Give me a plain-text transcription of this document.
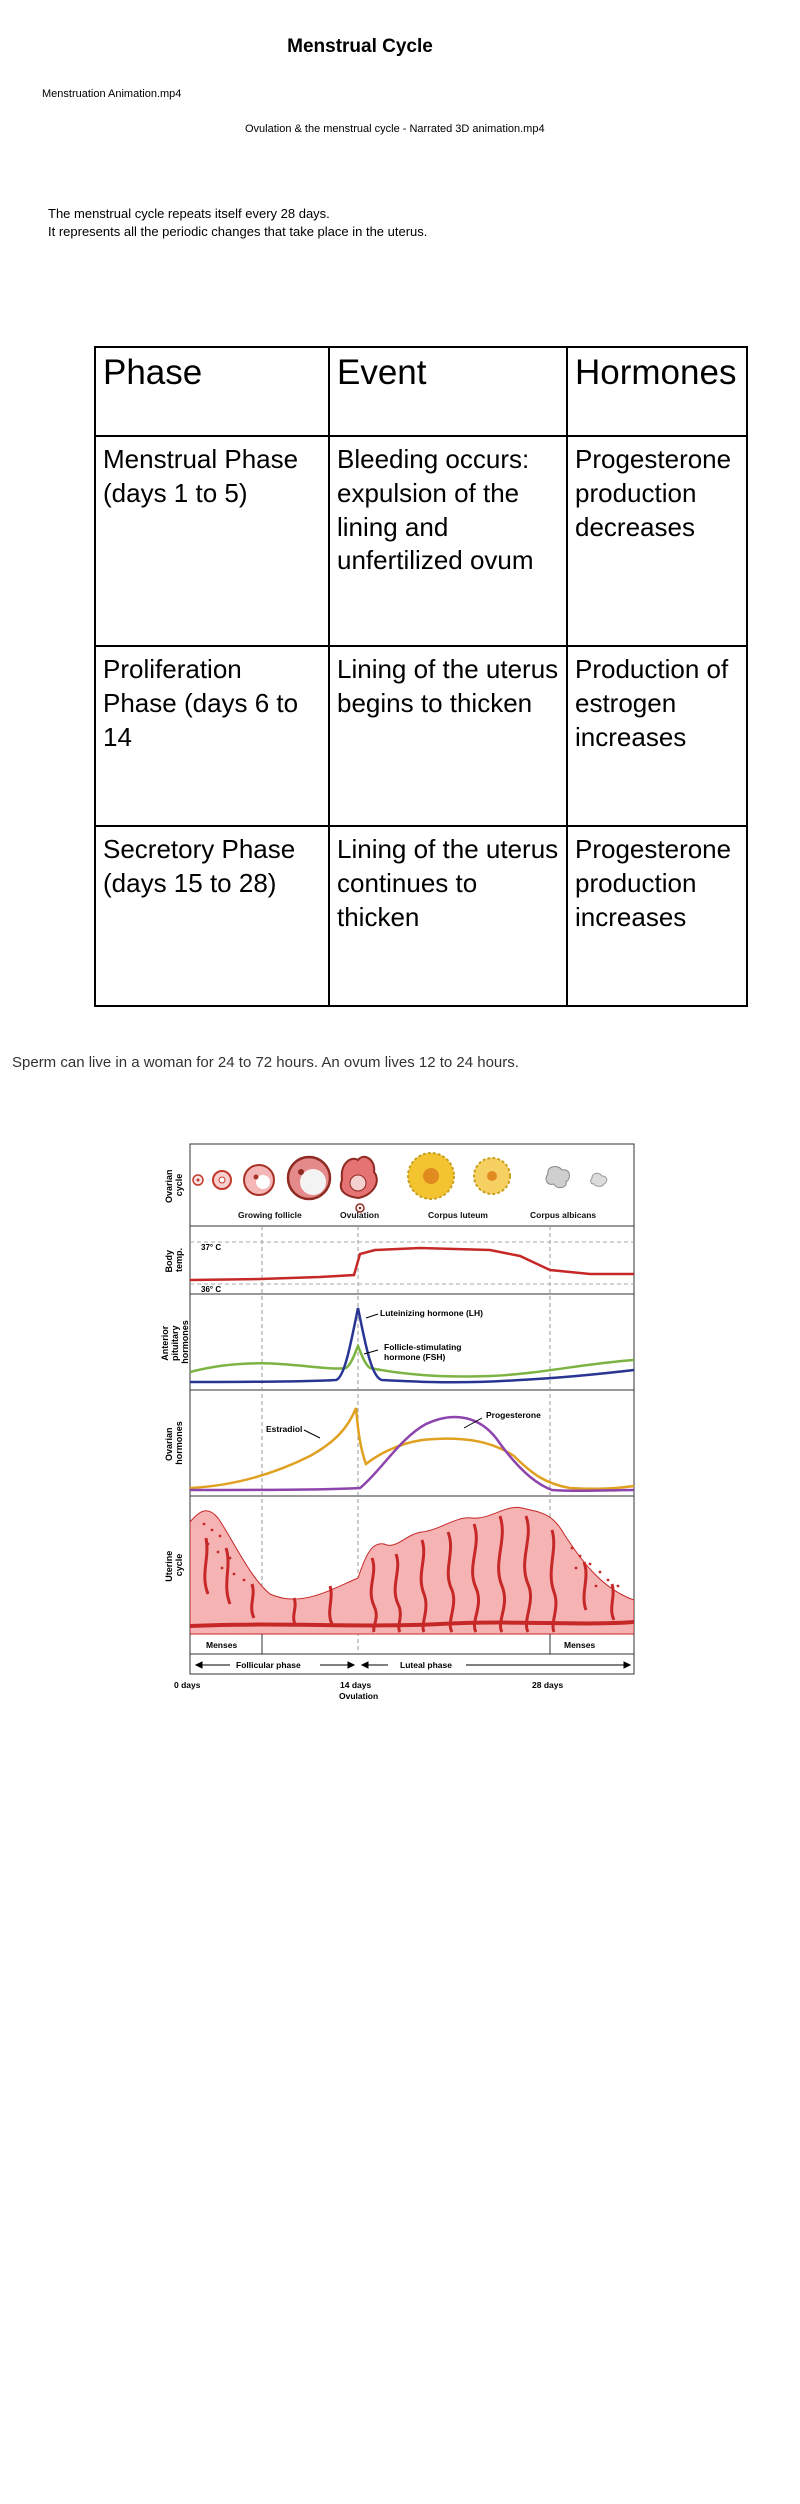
Menstrual Cycle
Menstruation Animation.mp4
Ovulation & the menstrual cycle - Narrated 3D animation.mp4
The menstrual cycle repeats itself every 28 days.
It represents all the periodic changes that take place in the uterus.
Phase	Event	Hormones
Menstrual Phase (days 1 to 5)	Bleeding occurs: expulsion of the lining and unfertilized ovum	Progesterone production decreases
Proliferation Phase (days 6 to 14	Lining of the uterus begins to thicken	Production of estrogen increases
Secretory Phase (days 15 to 28)	Lining of the uterus continues to thicken	Progesterone production increases
Sperm can live in a woman for 24 to 72 hours. An ovum lives 12 to 24 hours.
Ovarian cycle
Body temp.
Anterior pituitary hormones
Ovarian hormones
Uterine cycle
Growing follicle	Ovulation	Corpus luteum	Corpus albicans
37° C
36° C
Luteinizing hormone (LH)
Follicle-stimulating hormone (FSH)
Estradiol
Progesterone
Menses	Menses
Follicular phase	Luteal phase
0 days	14 days	28 days
Ovulation
